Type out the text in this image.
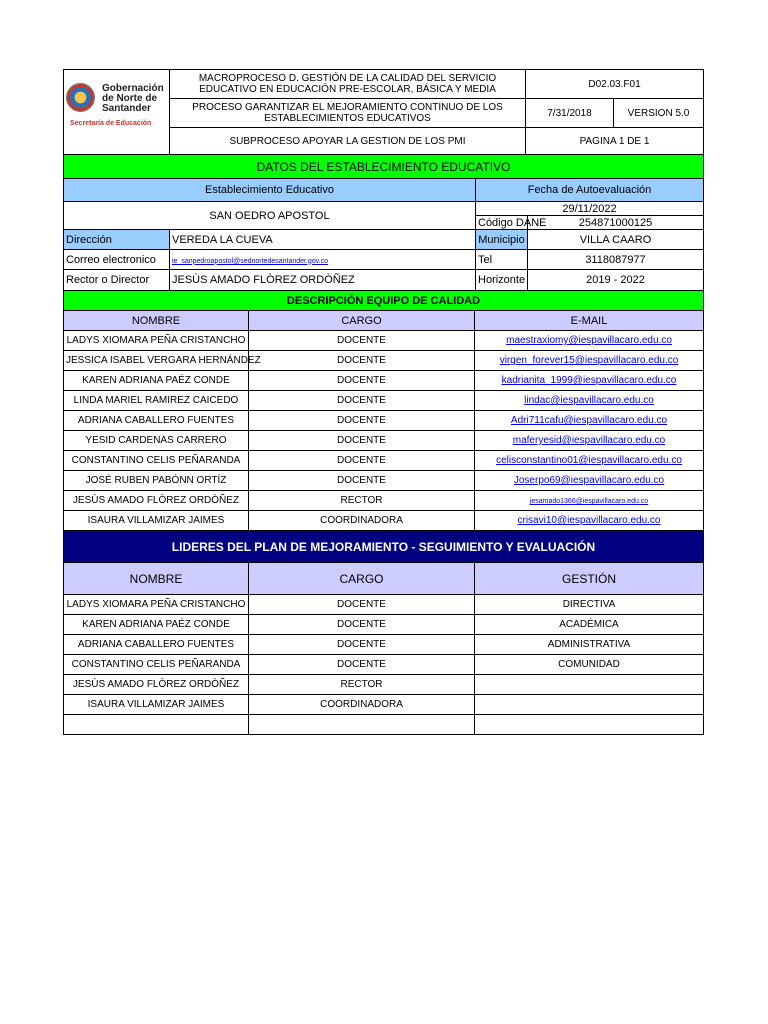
Gobernación
de Norte de
Santander
Secretaría de Educación	MACROPROCESO D. GESTIÓN DE LA CALIDAD DEL SERVICIO EDUCATIVO EN EDUCACIÓN PRE-ESCOLAR, BÁSICA Y MEDIA	D02.03.F01	
	PROCESO GARANTIZAR EL MEJORAMIENTO CONTINUO DE LOS ESTABLECIMIENTOS EDUCATIVOS	7/31/2018	VERSION 5.0
	SUBPROCESO APOYAR LA GESTION DE LOS PMI	PAGINA 1 DE 1	
DATOS DEL ESTABLECIMIENTO EDUCATIVO			
Establecimiento Educativo		Fecha de Autoevaluación	
SAN OEDRO APOSTOL		29/11/2022	
		Código DANE	254871000125
Dirección	VEREDA LA CUEVA	Municipio	VILLA CAARO
Correo electronico	ie_sanpedroapostol@sednortedesantander.gov.co	Tel	3118087977
Rector o Director	JESÙS AMADO FLÒREZ ORDÒÑEZ	Horizonte	2019 - 2022
DESCRIPCIÓN EQUIPO DE CALIDAD		
NOMBRE	CARGO	E-MAIL
LADYS XIOMARA PEÑA CRISTANCHO	DOCENTE	maestraxiomy@iespavillacaro.edu.co
JESSICA ISABEL VERGARA HERNÁNDEZ	DOCENTE	virgen_forever15@iespavillacaro.edu.co
KAREN ADRIANA PAÉZ CONDE	DOCENTE	kadrianita_1999@iespavillacaro.edu.co
LINDA MARIEL RAMIREZ CAICEDO	DOCENTE	lindac@iespavillacaro.edu.co
ADRIANA CABALLERO FUENTES	DOCENTE	Adri711cafu@iespavillacaro.edu.co
YESID CARDENAS CARRERO	DOCENTE	maferyesid@iespavillacaro.edu.co
CONSTANTINO CELIS PEÑARANDA	DOCENTE	celisconstantino01@iespavillacaro.edu.co
JOSÉ RUBEN PABÓNN ORTÍZ	DOCENTE	Joserpo69@iespavillacaro.edu.co
JESÙS AMADO FLÒREZ ORDÒÑEZ	RECTOR	jesamado1366@iespavillacaro.edu.co
ISAURA VILLAMIZAR JAIMES	COORDINADORA	crisavi10@iespavillacaro.edu.co
LIDERES DEL PLAN DE MEJORAMIENTO - SEGUIMIENTO Y EVALUACIÓN		
NOMBRE	CARGO	GESTIÓN
LADYS XIOMARA PEÑA CRISTANCHO	DOCENTE	DIRECTIVA
KAREN ADRIANA PAÉZ CONDE	DOCENTE	ACADÉMICA
ADRIANA CABALLERO FUENTES	DOCENTE	ADMINISTRATIVA
CONSTANTINO CELIS PEÑARANDA	DOCENTE	COMUNIDAD
JESÙS AMADO FLÒREZ ORDÒÑEZ	RECTOR	
ISAURA VILLAMIZAR JAIMES	COORDINADORA	
